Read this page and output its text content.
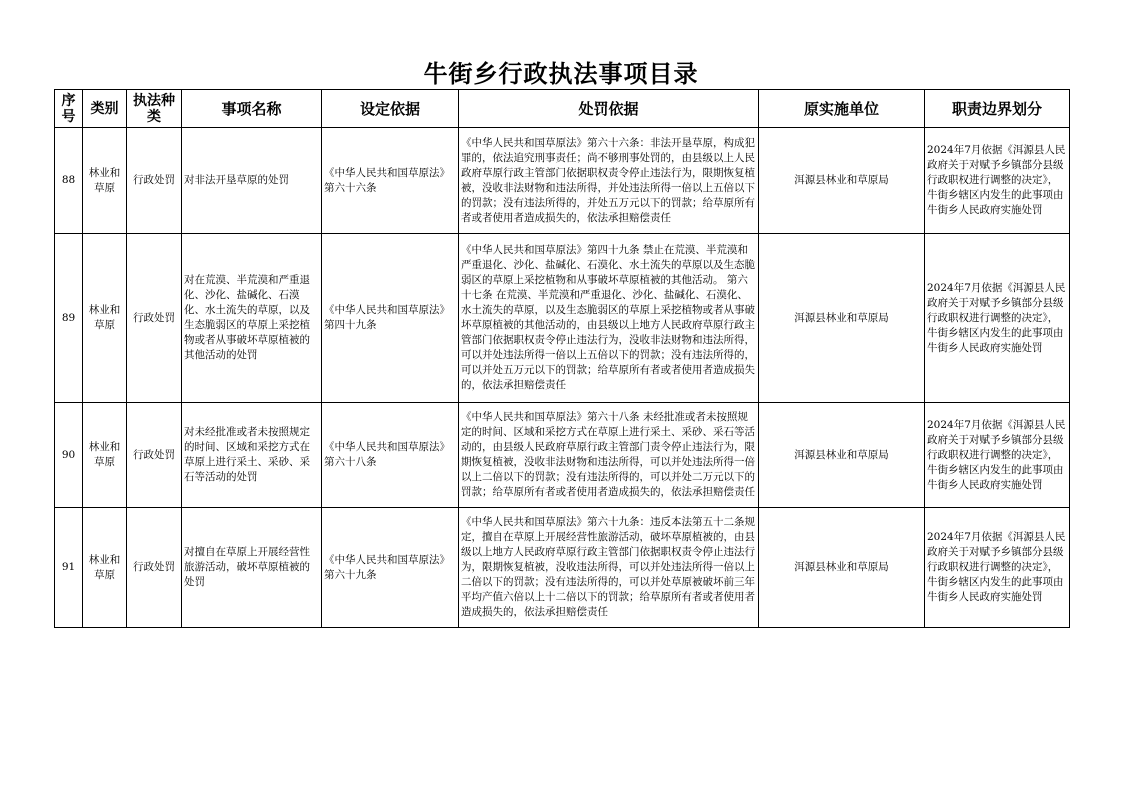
牛街乡行政执法事项目录
序号	类别	执法种类	事项名称	设定依据	处罚依据	原实施单位	职责边界划分
88	林业和草原	行政处罚	对非法开垦草原的处罚	《中华人民共和国草原法》第六十六条	《中华人民共和国草原法》第六十六条：非法开垦草原，构成犯罪的，依法追究刑事责任；尚不够刑事处罚的，由县级以上人民政府草原行政主管部门依据职权责令停止违法行为，限期恢复植被，没收非法财物和违法所得，并处违法所得一倍以上五倍以下的罚款；没有违法所得的，并处五万元以下的罚款；给草原所有者或者使用者造成损失的，依法承担赔偿责任	洱源县林业和草原局	2024年7月依据《洱源县人民政府关于对赋予乡镇部分县级行政职权进行调整的决定》，牛街乡辖区内发生的此事项由牛街乡人民政府实施处罚
89	林业和草原	行政处罚	对在荒漠、半荒漠和严重退化、沙化、盐碱化、石漠化、水土流失的草原，以及生态脆弱区的草原上采挖植物或者从事破坏草原植被的其他活动的处罚	《中华人民共和国草原法》第四十九条	《中华人民共和国草原法》第四十九条 禁止在荒漠、半荒漠和严重退化、沙化、盐碱化、石漠化、水土流失的草原以及生态脆弱区的草原上采挖植物和从事破坏草原植被的其他活动。 第六十七条 在荒漠、半荒漠和严重退化、沙化、盐碱化、石漠化、水土流失的草原，以及生态脆弱区的草原上采挖植物或者从事破坏草原植被的其他活动的，由县级以上地方人民政府草原行政主管部门依据职权责令停止违法行为，没收非法财物和违法所得，可以并处违法所得一倍以上五倍以下的罚款；没有违法所得的，可以并处五万元以下的罚款；给草原所有者或者使用者造成损失的，依法承担赔偿责任	洱源县林业和草原局	2024年7月依据《洱源县人民政府关于对赋予乡镇部分县级行政职权进行调整的决定》，牛街乡辖区内发生的此事项由牛街乡人民政府实施处罚
90	林业和草原	行政处罚	对未经批准或者未按照规定的时间、区域和采挖方式在草原上进行采土、采砂、采石等活动的处罚	《中华人民共和国草原法》第六十八条	《中华人民共和国草原法》第六十八条 未经批准或者未按照规定的时间、区域和采挖方式在草原上进行采土、采砂、采石等活动的，由县级人民政府草原行政主管部门责令停止违法行为，限期恢复植被，没收非法财物和违法所得，可以并处违法所得一倍以上二倍以下的罚款；没有违法所得的，可以并处二万元以下的罚款；给草原所有者或者使用者造成损失的，依法承担赔偿责任	洱源县林业和草原局	2024年7月依据《洱源县人民政府关于对赋予乡镇部分县级行政职权进行调整的决定》，牛街乡辖区内发生的此事项由牛街乡人民政府实施处罚
91	林业和草原	行政处罚	对擅自在草原上开展经营性旅游活动，破坏草原植被的处罚	《中华人民共和国草原法》第六十九条	《中华人民共和国草原法》第六十九条：违反本法第五十二条规定，擅自在草原上开展经营性旅游活动，破坏草原植被的，由县级以上地方人民政府草原行政主管部门依据职权责令停止违法行为，限期恢复植被，没收违法所得，可以并处违法所得一倍以上二倍以下的罚款；没有违法所得的，可以并处草原被破坏前三年平均产值六倍以上十二倍以下的罚款；给草原所有者或者使用者造成损失的，依法承担赔偿责任	洱源县林业和草原局	2024年7月依据《洱源县人民政府关于对赋予乡镇部分县级行政职权进行调整的决定》，牛街乡辖区内发生的此事项由牛街乡人民政府实施处罚
